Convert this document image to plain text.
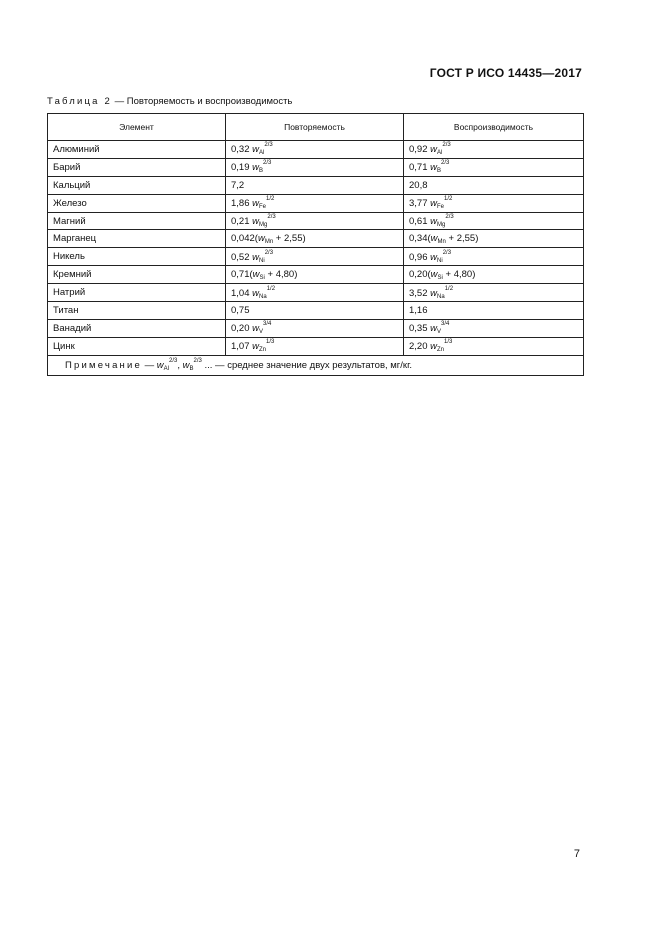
ГОСТ Р ИСО 14435—2017
Таблица 2 — Повторяемость и воспроизводимость
Элемент	Повторяемость	Воспроизводимость
Алюминий	0,32 $w_{Al}^{2/3}$	0,92 $w_{Al}^{2/3}$
Барий	0,19 $w_B^{2/3}$	0,71 $w_B^{2/3}$
Кальций	7,2	20,8
Железо	1,86 $w_{Fe}^{1/2}$	3,77 $w_{Fe}^{1/2}$
Магний	0,21 $w_{Mg}^{2/3}$	0,61 $w_{Mg}^{2/3}$
Марганец	$0,042(w_{Mn} + 2,55)$	$0,34(w_{Mn} + 2,55)$
Никель	0,52 $w_{Ni}^{2/3}$	0,96 $w_{Ni}^{2/3}$
Кремний	$0,71(w_{Si} + 4,80)$	$0,20(w_{Si} + 4,80)$
Натрий	1,04 $w_{Na}^{1/2}$	3,52 $w_{Na}^{1/2}$
Титан	0,75	1,16
Ванадий	0,20 $w_V^{3/4}$	0,35 $w_V^{3/4}$
Цинк	1,07 $w_{Zn}^{1/3}$	2,20 $w_{Zn}^{1/3}$
Примечание — $w_{Al}^{2/3}$, $w_B^{2/3}$ ... — среднее значение двух результатов, мг/кг.		
7
